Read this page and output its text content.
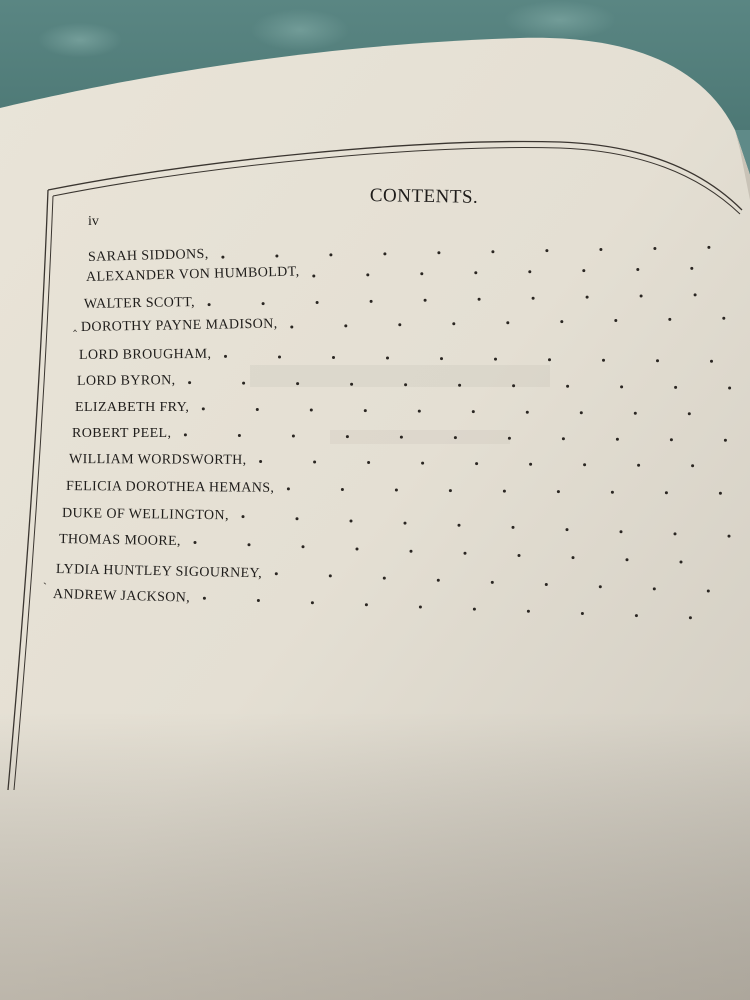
CONTENTS.
iv
SARAH SIDDONS,
ALEXANDER VON HUMBOLDT,
WALTER SCOTT,
DOROTHY PAYNE MADISON,
LORD BROUGHAM,
LORD BYRON,
ELIZABETH FRY,
ROBERT PEEL,
WILLIAM WORDSWORTH,
FELICIA DOROTHEA HEMANS,
DUKE OF WELLINGTON,
THOMAS MOORE,
LYDIA HUNTLEY SIGOURNEY,
ANDREW JACKSON,
‸
`
